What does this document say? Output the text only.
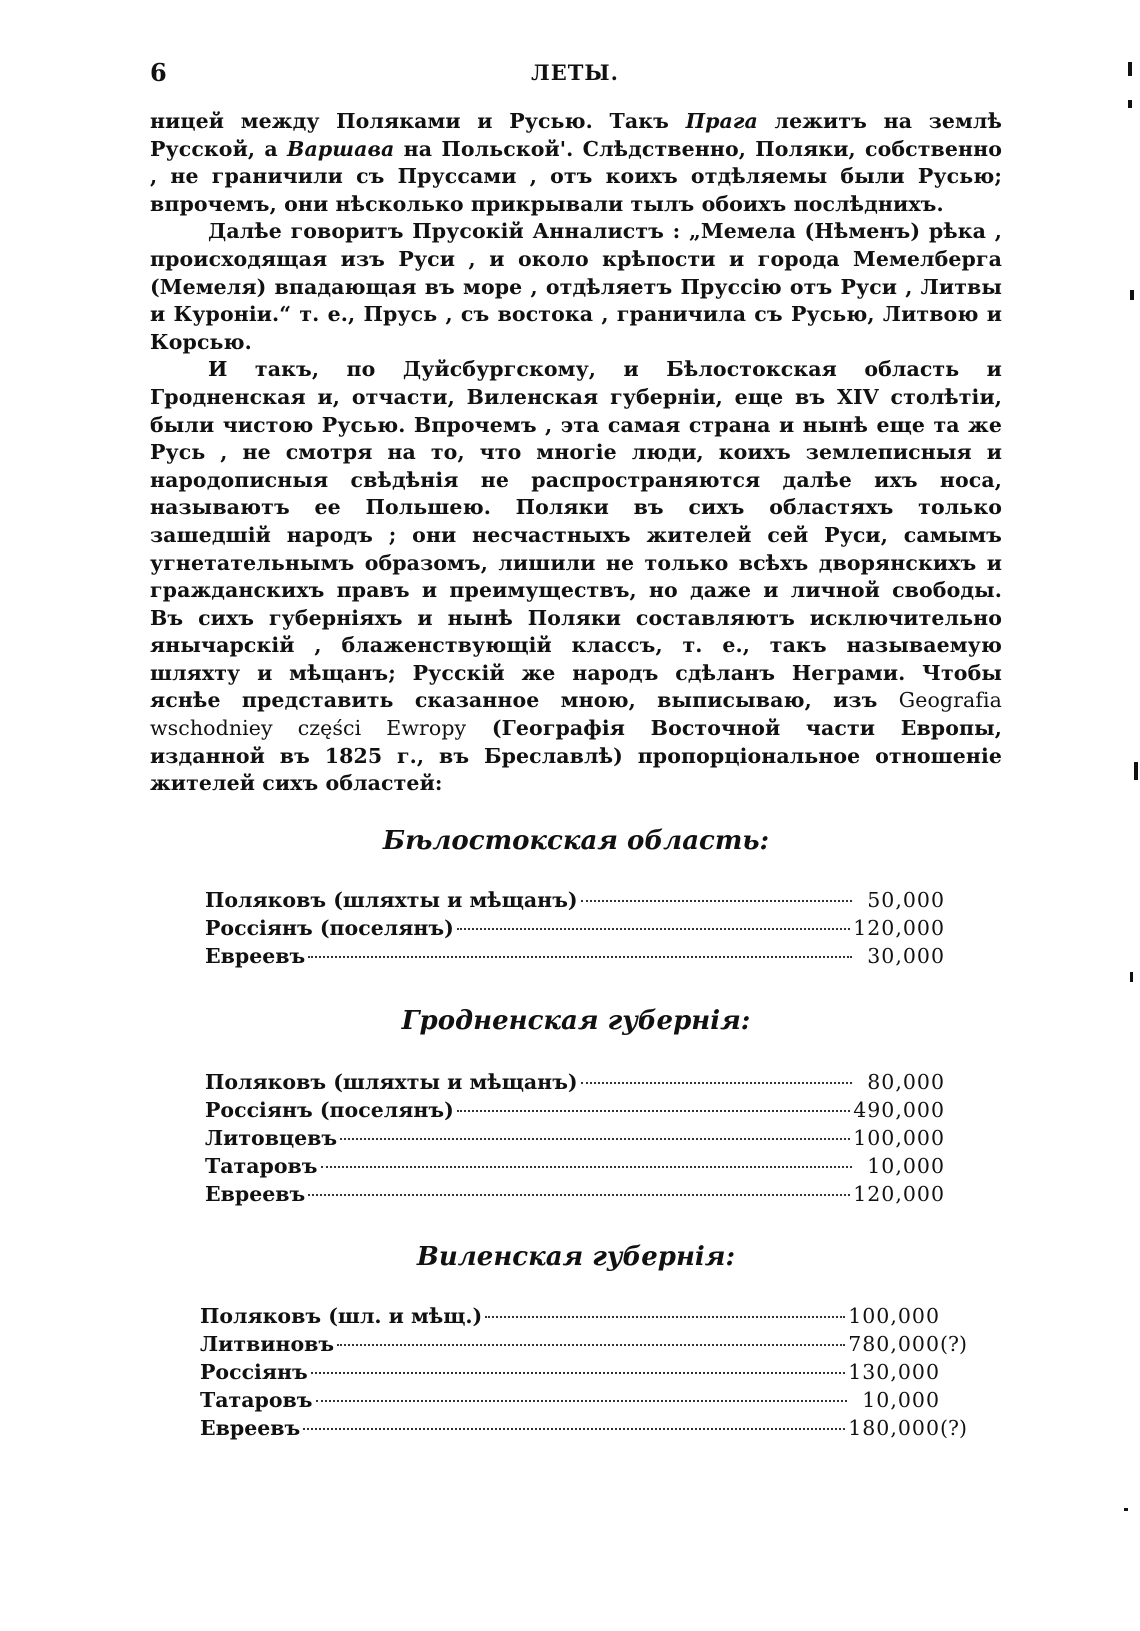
6	ЛЕТЫ.

ницей между Поляками и Русью. Такъ Прага лежитъ на землѣ Русской, а Варшава на Польской'. Слѣдственно, Поляки, собственно , не граничили съ Пруссами , отъ коихъ отдѣляемы были Русью; впрочемъ, они нѣсколько прикрывали тылъ обоихъ послѣднихъ.

Далѣе говоритъ Прусокій Анналистъ : „Мемела (Нѣменъ) рѣка , происходящая изъ Руси , и около крѣпости и города Мемелберга (Мемеля) впадающая въ море , отдѣляетъ Пруссію отъ Руси , Литвы и Куроніи.“ т. е., Прусь , съ востока , граничила съ Русью, Литвою и Корсью.

И такъ, по Дуйсбургскому, и Бѣлостокская область и Гродненская и, отчасти, Виленская губерніи, еще въ XIV столѣтіи, были чистою Русью. Впрочемъ , эта самая страна и нынѣ еще та же Русь , не смотря на то, что многіе люди, коихъ землеписныя и народописныя свѣдѣнія не распространяются далѣе ихъ носа, называютъ ее Польшею. Поляки въ сихъ областяхъ только зашедшій народъ ; они несчастныхъ жителей сей Руси, самымъ угнетательнымъ образомъ, лишили не только всѣхъ дворянскихъ и гражданскихъ правъ и преимуществъ, но даже и личной свободы. Въ сихъ губерніяхъ и нынѣ Поляки составляютъ исключительно янычарскій , блаженствующій классъ, т. е., такъ называемую шляхту и мѣщанъ; Русскій же народъ сдѣланъ Неграми. Чтобы яснѣе представить сказанное мною, выписываю, изъ Geografia wschodniey części Ewropy (Географія Восточной части Европы, изданной въ 1825 г., въ Бреславлѣ) пропорціональное отношеніе жителей сихъ областей:

Бѣлостокская область:
Поляковъ (шляхты и мѣщанъ)	50,000
Россіянъ (поселянъ)	120,000
Евреевъ	30,000
Гродненская губернія:
Поляковъ (шляхты и мѣщанъ)	80,000
Россіянъ (поселянъ)	490,000
Литовцевъ	100,000
Татаровъ	10,000
Евреевъ	120,000
Виленская губернія:
Поляковъ (шл. и мѣщ.)	100,000
Литвиновъ	780,000 (?)
Россіянъ	130,000
Татаровъ	10,000
Евреевъ	180,000 (?)
